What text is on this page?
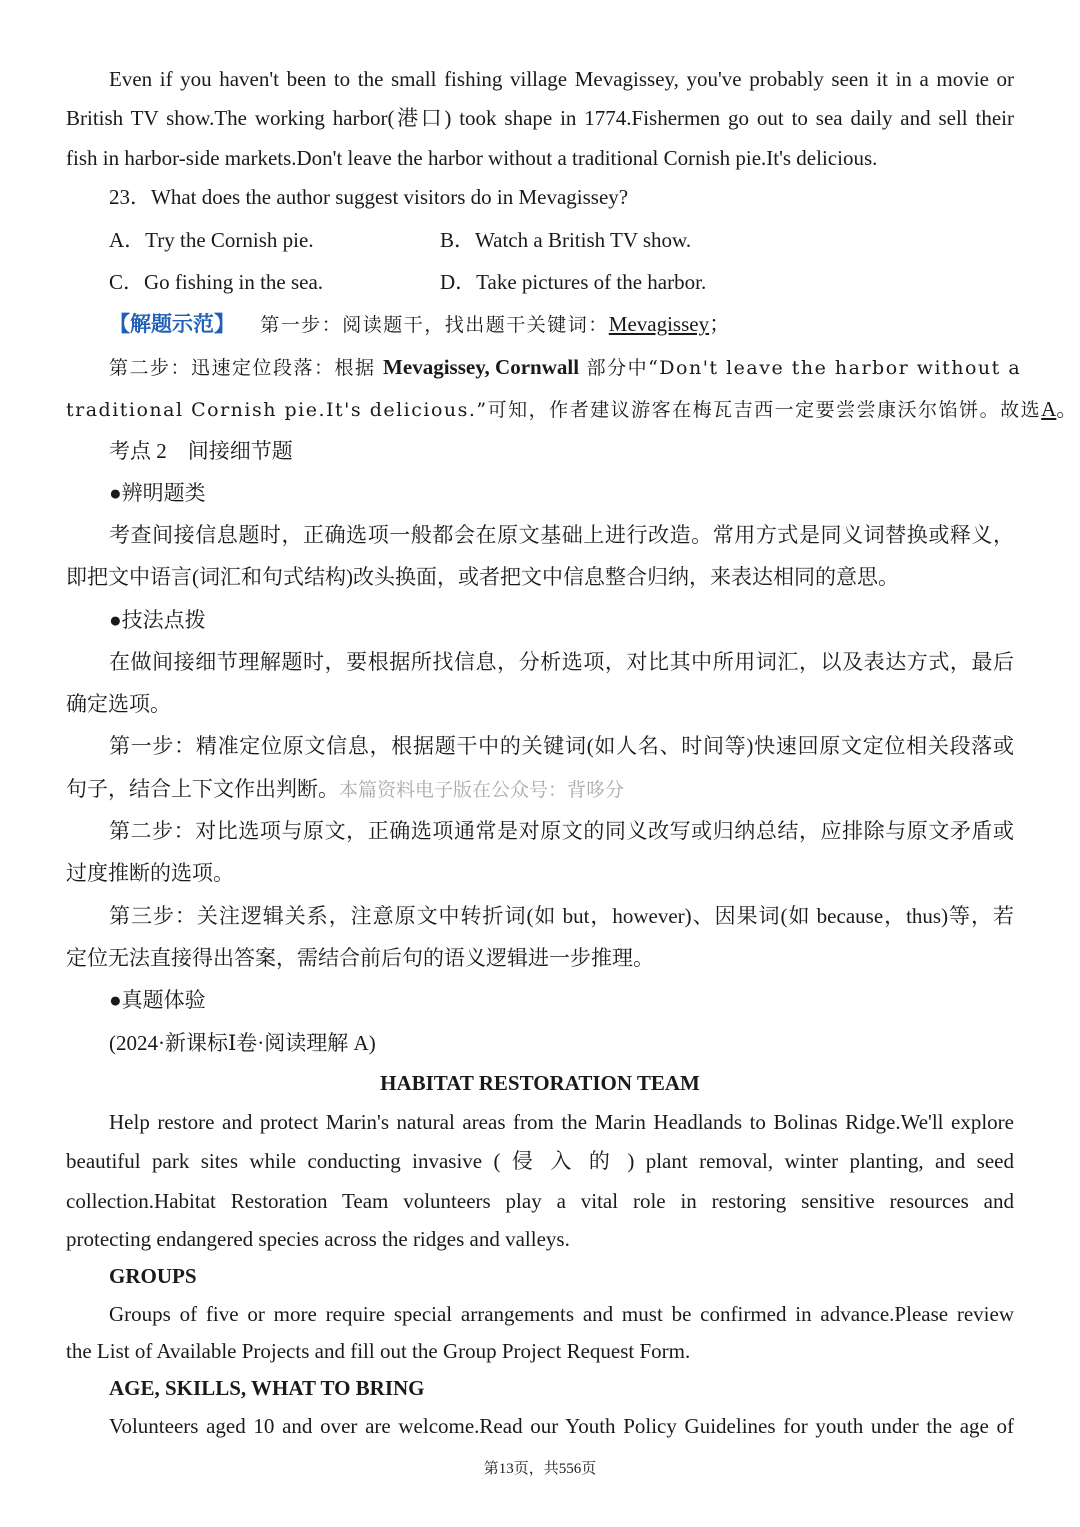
Even if you haven't been to the small fishing village Mevagissey, you've probably seen it in a movie or
British TV show.The working harbor(港口) took shape in 1774.Fishermen go out to sea daily and sell their
fish in harbor-side markets.Don't leave the harbor without a traditional Cornish pie.It's delicious.
23．What does the author suggest visitors do in Mevagissey?
A．Try the Cornish pie.	B．Watch a British TV show.
C．Go fishing in the sea.	D．Take pictures of the harbor.
【解题示范】 第一步：阅读题干，找出题干关键词：Mevagissey；
第二步：迅速定位段落：根据 Mevagissey, Cornwall 部分中“Don't leave the harbor without a
traditional Cornish pie.It's delicious.”可知，作者建议游客在梅瓦吉西一定要尝尝康沃尔馅饼。故选A。
考点 2　间接细节题
●辨明题类
考查间接信息题时，正确选项一般都会在原文基础上进行改造。常用方式是同义词替换或释义，
即把文中语言(词汇和句式结构)改头换面，或者把文中信息整合归纳，来表达相同的意思。
●技法点拨
在做间接细节理解题时，要根据所找信息，分析选项，对比其中所用词汇，以及表达方式，最后
确定选项。
第一步：精准定位原文信息，根据题干中的关键词(如人名、时间等)快速回原文定位相关段落或
句子，结合上下文作出判断。本篇资料电子版在公众号：背哆分
第二步：对比选项与原文，正确选项通常是对原文的同义改写或归纳总结，应排除与原文矛盾或
过度推断的选项。
第三步：关注逻辑关系，注意原文中转折词(如 but，however)、因果词(如 because，thus)等，若
定位无法直接得出答案，需结合前后句的语义逻辑进一步推理。
●真题体验
(2024·新课标Ⅰ卷·阅读理解 A)
HABITAT RESTORATION TEAM
Help restore and protect Marin's natural areas from the Marin Headlands to Bolinas Ridge.We'll explore
beautiful park sites while conducting invasive ( 侵 入 的 ) plant removal, winter planting, and seed
collection.Habitat Restoration Team volunteers play a vital role in restoring sensitive resources and
protecting endangered species across the ridges and valleys.
GROUPS
Groups of five or more require special arrangements and must be confirmed in advance.Please review
the List of Available Projects and fill out the Group Project Request Form.
AGE, SKILLS, WHAT TO BRING
Volunteers aged 10 and over are welcome.Read our Youth Policy Guidelines for youth under the age of
第13页，共556页
